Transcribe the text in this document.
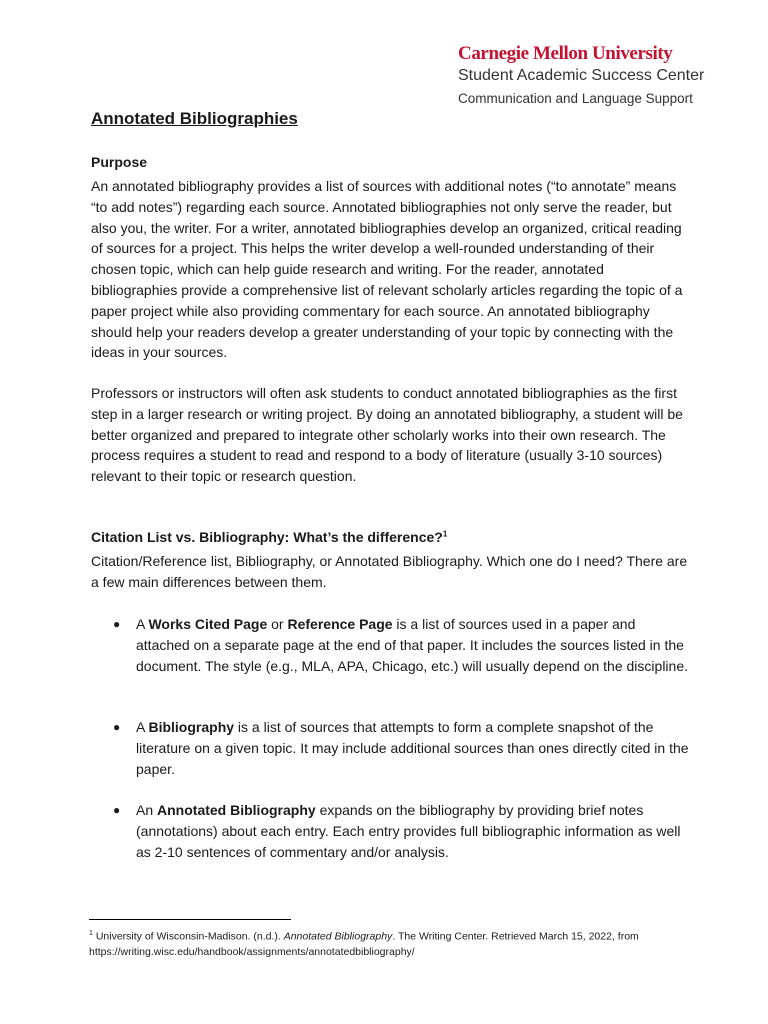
Carnegie Mellon University
Student Academic Success Center
Communication and Language Support
Annotated Bibliographies
Purpose

An annotated bibliography provides a list of sources with additional notes (“to annotate” means “to add notes”) regarding each source. Annotated bibliographies not only serve the reader, but also you, the writer. For a writer, annotated bibliographies develop an organized, critical reading of sources for a project. This helps the writer develop a well-rounded understanding of their chosen topic, which can help guide research and writing. For the reader, annotated bibliographies provide a comprehensive list of relevant scholarly articles regarding the topic of a paper project while also providing commentary for each source. An annotated bibliography should help your readers develop a greater understanding of your topic by connecting with the ideas in your sources.

Professors or instructors will often ask students to conduct annotated bibliographies as the first step in a larger research or writing project. By doing an annotated bibliography, a student will be better organized and prepared to integrate other scholarly works into their own research. The process requires a student to read and respond to a body of literature (usually 3-10 sources) relevant to their topic or research question.

Citation List vs. Bibliography: What’s the difference?$^1$

Citation/Reference list, Bibliography, or Annotated Bibliography. Which one do I need? There are a few main differences between them.

● A Works Cited Page or Reference Page is a list of sources used in a paper and attached on a separate page at the end of that paper. It includes the sources listed in the document. The style (e.g., MLA, APA, Chicago, etc.) will usually depend on the discipline.
● A Bibliography is a list of sources that attempts to form a complete snapshot of the literature on a given topic. It may include additional sources than ones directly cited in the paper.
● An Annotated Bibliography expands on the bibliography by providing brief notes (annotations) about each entry. Each entry provides full bibliographic information as well as 2-10 sentences of commentary and/or analysis.

$^1$ University of Wisconsin-Madison. (n.d.). Annotated Bibliography. The Writing Center. Retrieved March 15, 2022, from https://writing.wisc.edu/handbook/assignments/annotatedbibliography/
